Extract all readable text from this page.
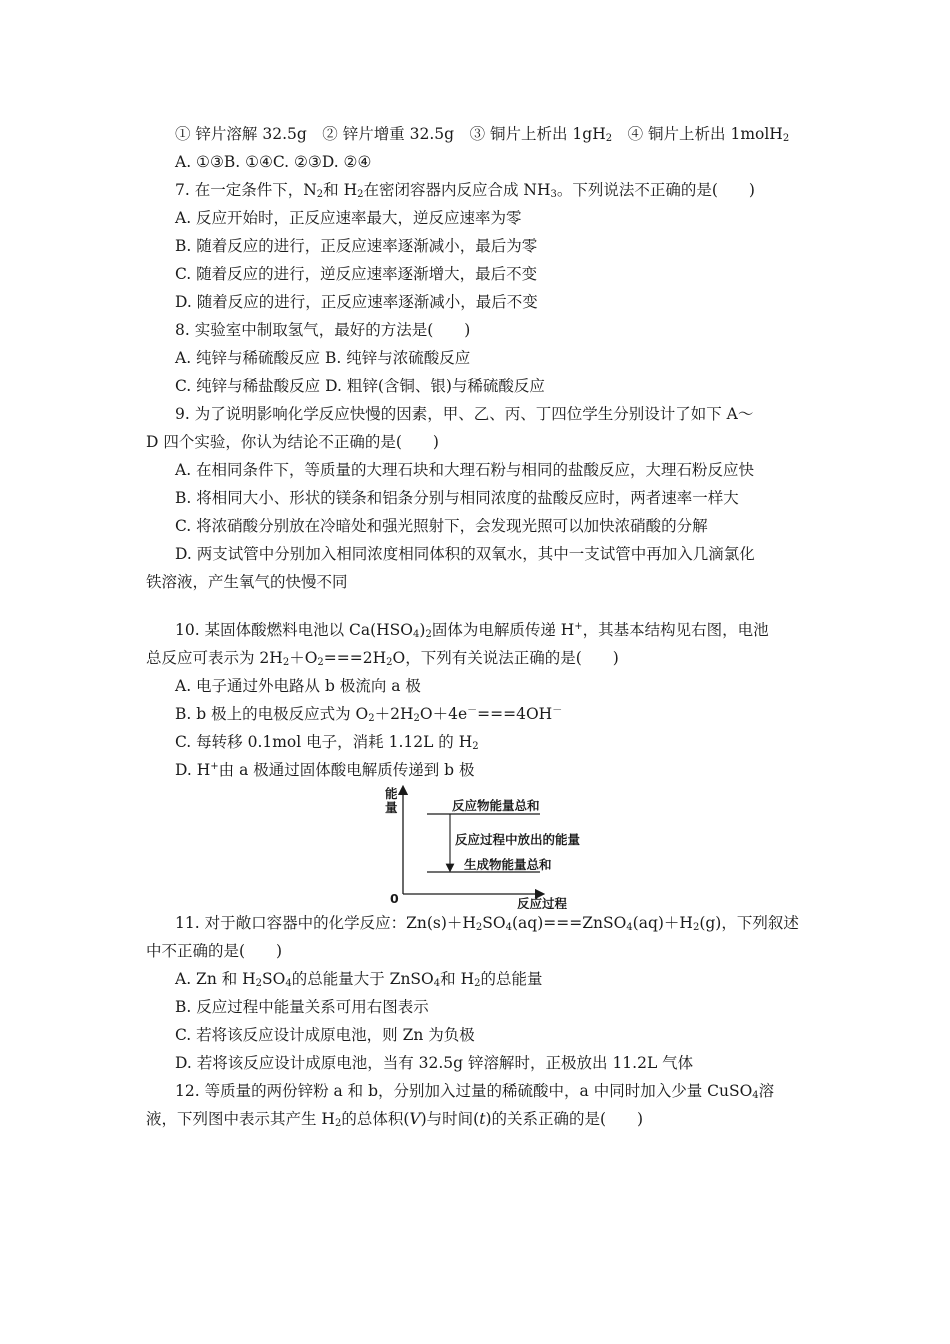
① 锌片溶解 32.5g　② 锌片增重 32.5g　③ 铜片上析出 $1gH_2$　④ 铜片上析出 1molH$_2$
A. ①③B. ①④C. ②③D. ②④
7. 在一定条件下，$N_2$和 $H_2$在密闭容器内反应合成 $NH_3$。下列说法不正确的是(　　)
A. 反应开始时，正反应速率最大，逆反应速率为零
B. 随着反应的进行，正反应速率逐渐减小，最后为零
C. 随着反应的进行，逆反应速率逐渐增大，最后不变
D. 随着反应的进行，正反应速率逐渐减小，最后不变
8. 实验室中制取氢气，最好的方法是(　　)
A. 纯锌与稀硫酸反应 B. 纯锌与浓硫酸反应
C. 纯锌与稀盐酸反应 D. 粗锌(含铜、银)与稀硫酸反应
9. 为了说明影响化学反应快慢的因素，甲、乙、丙、丁四位学生分别设计了如下 A～
D 四个实验，你认为结论不正确的是(　　)
A. 在相同条件下，等质量的大理石块和大理石粉与相同的盐酸反应，大理石粉反应快
B. 将相同大小、形状的镁条和铝条分别与相同浓度的盐酸反应时，两者速率一样大
C. 将浓硝酸分别放在冷暗处和强光照射下，会发现光照可以加快浓硝酸的分解
D. 两支试管中分别加入相同浓度相同体积的双氧水，其中一支试管中再加入几滴氯化
铁溶液，产生氧气的快慢不同
10. 某固体酸燃料电池以 $Ca(HSO_4)_2$固体为电解质传递 H+，其基本结构见右图，电池
总反应可表示为 $2H_2+O_2===2H_2O$，下列有关说法正确的是(　　)
A. 电子通过外电路从 b 极流向 a 极
B. b 极上的电极反应式为 $O_2+2H_2O+4e^-===4OH^-$
C. 每转移 0.1mol 电子，消耗 1.12L 的 $H_2$
D. H+由 a 极通过固体酸电解质传递到 b 极
能
量
0	反应过程
反应物能量总和
生成物能量总和
反应过程中放出的能量
11. 对于敞口容器中的化学反应：$Zn(s)+H_2SO_4(aq)===ZnSO_4(aq)+H_2(g)$，下列叙述
中不正确的是(　　)
A. Zn 和 $H_2SO_4$的总能量大于 ZnSO$_4$和 $H_2$的总能量
B. 反应过程中能量关系可用右图表示
C. 若将该反应设计成原电池，则 Zn 为负极
D. 若将该反应设计成原电池，当有 32.5g 锌溶解时，正极放出 11.2L 气体
12. 等质量的两份锌粉 a 和 b，分别加入过量的稀硫酸中，a 中同时加入少量 CuSO$_4$溶
液，下列图中表示其产生 $H_2$的总体积(V)与时间(t)的关系正确的是(　　)
